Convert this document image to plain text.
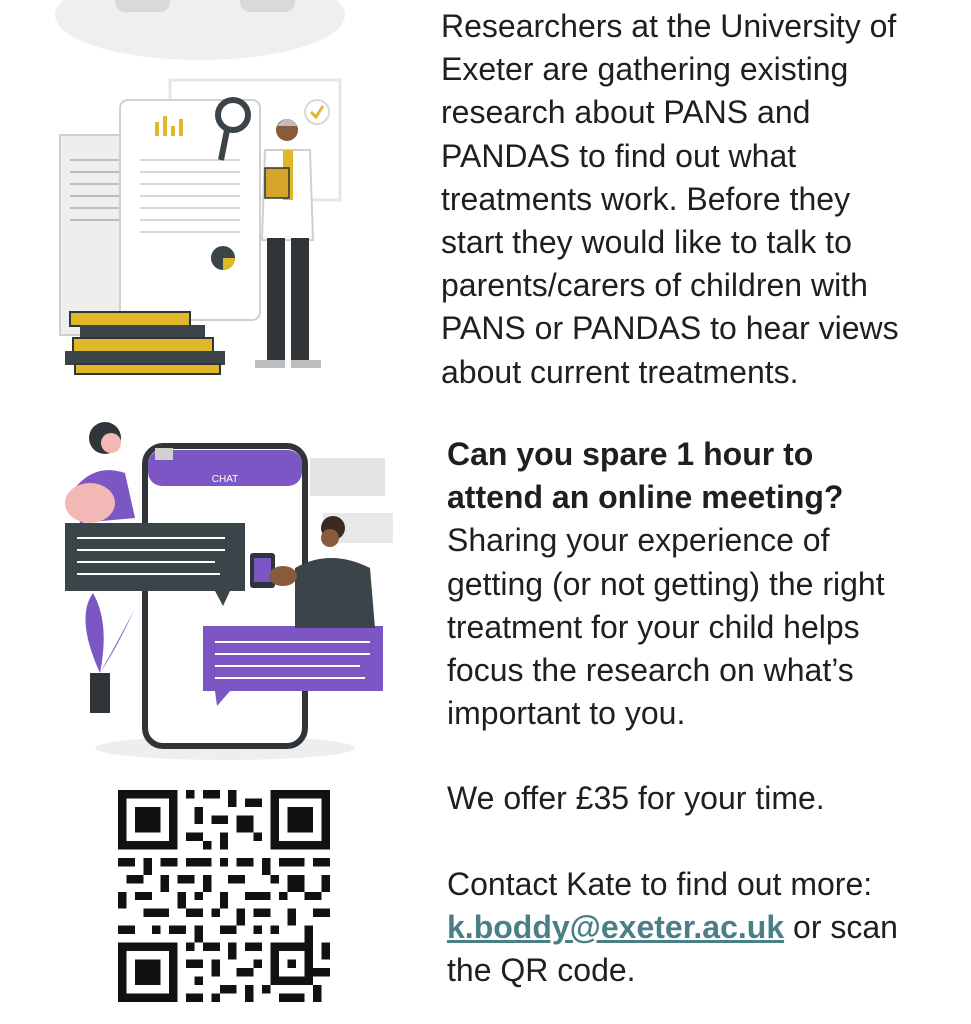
CHAT

Researchers at the University of
Exeter are gathering existing
research about PANS and
PANDAS to find out what
treatments work. Before they
start they would like to talk to
parents/carers of children with
PANS or PANDAS to hear views
about current treatments.

Can you spare 1 hour to
attend an online meeting?
Sharing your experience of
getting (or not getting) the right
treatment for your child helps
focus the research on what’s
important to you.

We offer £35 for your time.

Contact Kate to find out more:
k.boddy@exeter.ac.uk or scan
the QR code.
